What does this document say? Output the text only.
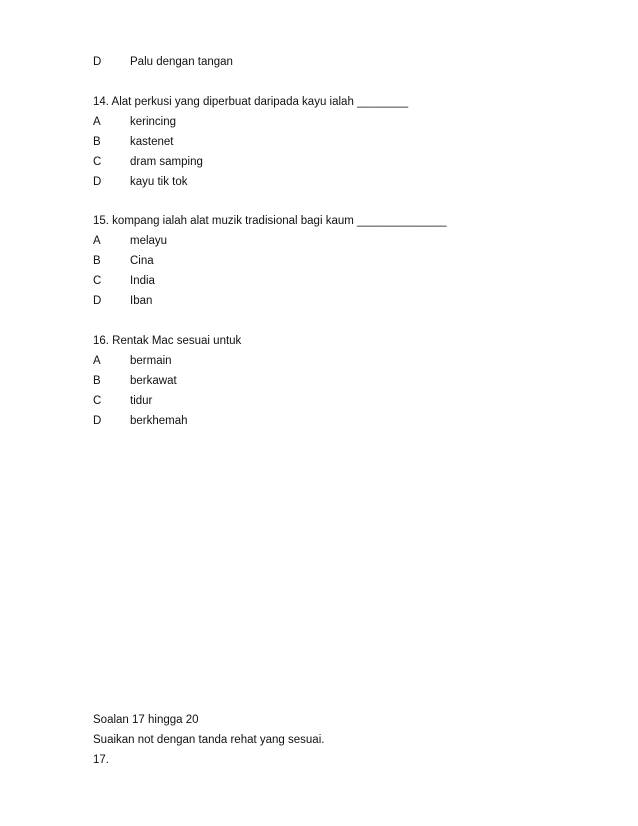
D Palu dengan tangan
14. Alat perkusi yang diperbuat daripada kayu ialah ________
A	kerincing
B	kastenet
C dram samping
D kayu tik tok
15. kompang ialah alat muzik tradisional bagi kaum ______________
A	melayu
B	Cina
C India
D Iban
16. Rentak Mac sesuai untuk
A	bermain
B	berkawat
C tidur
D berkhemah
Soalan 17 hingga 20
Suaikan not dengan tanda rehat yang sesuai.
17.
